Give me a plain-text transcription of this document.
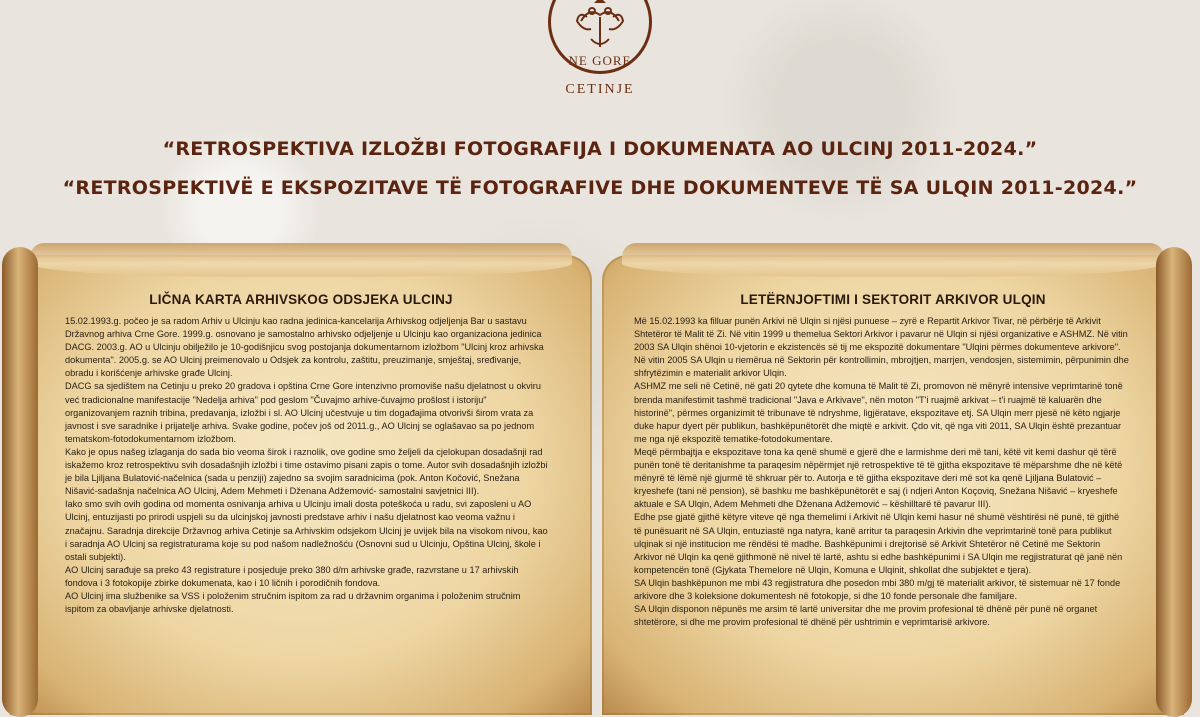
NE GORE
CETINJE
“RETROSPEKTIVA IZLOŽBI FOTOGRAFIJA I DOKUMENATA AO ULCINJ 2011-2024.”
“RETROSPEKTIVË E EKSPOZITAVE TË FOTOGRAFIVE DHE DOKUMENTEVE TË SA ULQIN 2011-2024.”
LIČNA KARTA ARHIVSKOG ODSJEKA ULCINJ

15.02.1993.g. počeo je sa radom Arhiv u Ulcinju kao radna jedinica-kancelarija Arhivskog odjeljenja Bar u sastavu Državnog arhiva Crne Gore. 1999.g. osnovano je samostalno arhivsko odjeljenje u Ulcinju kao organizaciona jedinica DACG. 2003.g. AO u Ulcinju obilježilo je 10-godišnjicu svog postojanja dokumentarnom izložbom "Ulcinj kroz arhivska dokumenta". 2005.g. se AO Ulcinj preimenovalo u Odsjek za kontrolu, zaštitu, preuzimanje, smještaj, sređivanje, obradu i korišćenje arhivske građe Ulcinj.

DACG sa sjedištem na Cetinju u preko 20 gradova i opština Crne Gore intenzivno promoviše našu djelatnost u okviru već tradicionalne manifestacije "Nedelja arhiva" pod geslom "Čuvajmo arhive-čuvajmo prošlost i istoriju" organizovanjem raznih tribina, predavanja, izložbi i sl. AO Ulcinj učestvuje u tim događajima otvorivši širom vrata za javnost i sve saradnike i prijatelje arhiva. Svake godine, počev još od 2011.g., AO Ulcinj se oglašavao sa po jednom tematskom-fotodokumentarnom izložbom.

Kako je opus našeg izlaganja do sada bio veoma širok i raznolik, ove godine smo željeli da cjelokupan dosadašnji rad iskažemo kroz retrospektivu svih dosadašnjih izložbi i time ostavimo pisani zapis o tome. Autor svih dosadašnjih izložbi je bila Ljiljana Bulatović-načelnica (sada u penziji) zajedno sa svojim saradnicima (pok. Anton Kočović, Snežana Nišavić-sadašnja načelnica AO Ulcinj, Adem Mehmeti i Dženana Adžemović- samostalni savjetnici III).

Iako smo svih ovih godina od momenta osnivanja arhiva u Ulcinju imali dosta poteškoća u radu, svi zaposleni u AO Ulcinj, entuzijasti po prirodi uspjeli su da ulcinjskoj javnosti predstave arhiv i našu djelatnost kao veoma važnu i značajnu. Saradnja direkcije Državnog arhiva Cetinje sa Arhivskim odsjekom Ulcinj je uvijek bila na visokom nivou, kao i saradnja AO Ulcinj sa registraturama koje su pod našom nadležnošću (Osnovni sud u Ulcinju, Opština Ulcinj, škole i ostali subjekti).

AO Ulcinj sarađuje sa preko 43 registrature i posjeduje preko 380 d/m arhivske građe, razvrstane u 17 arhivskih fondova i 3 fotokopije zbirke dokumenata, kao i 10 ličnih i porodičnih fondova.

AO Ulcinj ima službenike sa VSS i položenim stručnim ispitom za rad u državnim organima i položenim stručnim ispitom za obavljanje arhivske djelatnosti.

LETËRNJOFTIMI I SEKTORIT ARKIVOR ULQIN

Më 15.02.1993 ka filluar punën Arkivi në Ulqin si njësi punuese – zyrë e Repartit Arkivor Tivar, në përbërje të Arkivit Shtetëror të Malit të Zi. Në vitin 1999 u themelua Sektori Arkivor i pavarur në Ulqin si njësi organizative e ASHMZ. Në vitin 2003 SA Ulqin shënoi 10-vjetorin e ekzistencës së tij me ekspozitë dokumentare "Ulqini përmes dokumenteve arkivore". Në vitin 2005 SA Ulqin u riemërua në Sektorin për kontrollimin, mbrojtjen, marrjen, vendosjen, sistemimin, përpunimin dhe shfrytëzimin e materialit arkivor Ulqin.

ASHMZ me seli në Cetinë, në gati 20 qytete dhe komuna të Malit të Zi, promovon në mënyrë intensive veprimtarinë tonë brenda manifestimit tashmë tradicional "Java e Arkivave", nën moton "T'i ruajmë arkivat – t'i ruajmë të kaluarën dhe historinë", përmes organizimit të tribunave të ndryshme, ligjëratave, ekspozitave etj. SA Ulqin merr pjesë në këto ngjarje duke hapur dyert për publikun, bashkëpunëtorët dhe miqtë e arkivit. Çdo vit, që nga viti 2011, SA Ulqin është prezantuar me nga një ekspozitë tematike-fotodokumentare.

Meqë përmbajtja e ekspozitave tona ka qenë shumë e gjerë dhe e larmishme deri më tani, këtë vit kemi dashur që tërë punën tonë të deritanishme ta paraqesim nëpërmjet një retrospektive të të gjitha ekspozitave të mëparshme dhe në këtë mënyrë të lëmë një gjurmë të shkruar për to. Autorja e të gjitha ekspozitave deri më sot ka qenë Ljiljana Bulatović – kryeshefe (tani në pension), së bashku me bashkëpunëtorët e saj (i ndjeri Anton Koçoviq, Snežana Nišavić – kryeshefe aktuale e SA Ulqin, Adem Mehmeti dhe Dženana Adžemović – këshilltarë të pavarur III).

Edhe pse gjatë gjithë këtyre viteve që nga themelimi i Arkivit në Ulqin kemi hasur në shumë vështirësi në punë, të gjithë të punësuarit në SA Ulqin, entuziastë nga natyra, kanë arritur ta paraqesin Arkivin dhe veprimtarinë tonë para publikut ulqinak si një institucion me rëndësi të madhe. Bashkëpunimi i drejtorisë së Arkivit Shtetëror në Cetinë me Sektorin Arkivor në Ulqin ka qenë gjithmonë në nivel të lartë, ashtu si edhe bashkëpunimi i SA Ulqin me regjistraturat që janë nën kompetencën tonë (Gjykata Themelore në Ulqin, Komuna e Ulqinit, shkollat dhe subjektet e tjera).

SA Ulqin bashkëpunon me mbi 43 regjistratura dhe posedon mbi 380 m/gj të materialit arkivor, të sistemuar në 17 fonde arkivore dhe 3 koleksione dokumentesh në fotokopje, si dhe 10 fonde personale dhe familjare.

SA Ulqin disponon nëpunës me arsim të lartë universitar dhe me provim profesional të dhënë për punë në organet shtetërore, si dhe me provim profesional të dhënë për ushtrimin e veprimtarisë arkivore.
